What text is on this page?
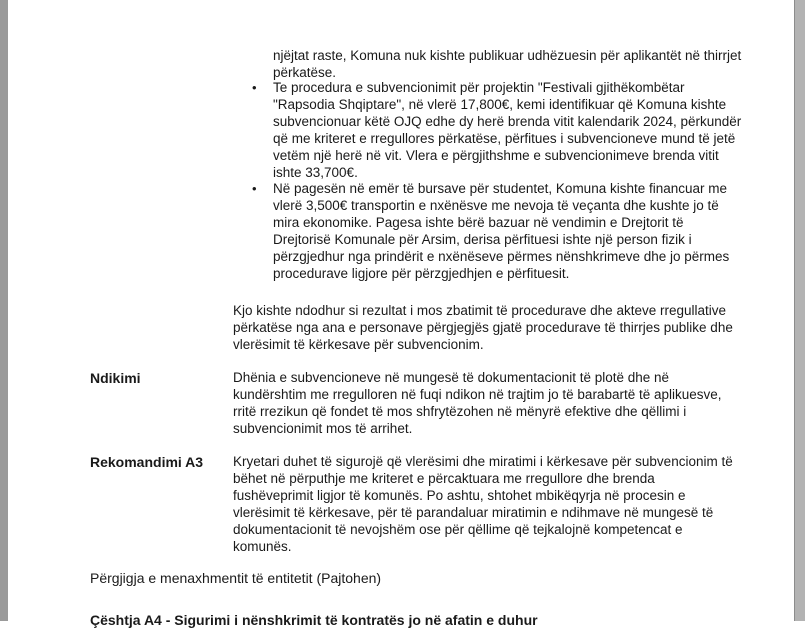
njëjtat raste, Komuna nuk kishte publikuar udhëzuesin për aplikantët në thirrjet përkatëse.
• Te procedura e subvencionimit për projektin "Festivali gjithëkombëtar "Rapsodia Shqiptare", në vlerë 17,800€, kemi identifikuar që Komuna kishte subvencionuar këtë OJQ edhe dy herë brenda vitit kalendarik 2024, përkundër që me kriteret e rregullores përkatëse, përfitues i subvencioneve mund të jetë vetëm një herë në vit. Vlera e përgjithshme e subvencionimeve brenda vitit ishte 33,700€.
• Në pagesën në emër të bursave për studentet, Komuna kishte financuar me vlerë 3,500€ transportin e nxënësve me nevoja të veçanta dhe kushte jo të mira ekonomike. Pagesa ishte bërë bazuar në vendimin e Drejtorit të Drejtorisë Komunale për Arsim, derisa përfituesi ishte një person fizik i përzgjedhur nga prindërit e nxënëseve përmes nënshkrimeve dhe jo përmes procedurave ligjore për përzgjedhjen e përfituesit.
Kjo kishte ndodhur si rezultat i mos zbatimit të procedurave dhe akteve rregullative përkatëse nga ana e personave përgjegjës gjatë procedurave të thirrjes publike dhe vlerësimit të kërkesave për subvencionim.
Ndikimi	Dhënia e subvencioneve në mungesë të dokumentacionit të plotë dhe në kundërshtim me rregulloren në fuqi ndikon në trajtim jo të barabartë të aplikuesve, rritë rrezikun që fondet të mos shfrytëzohen në mënyrë efektive dhe qëllimi i subvencionimit mos të arrihet.
Rekomandimi A3 Kryetari duhet të sigurojë që vlerësimi dhe miratimi i kërkesave për subvencionim të bëhet në përputhje me kriteret e përcaktuara me rregullore dhe brenda fushëveprimit ligjor të komunës. Po ashtu, shtohet mbikëqyrja në procesin e vlerësimit të kërkesave, për të parandaluar miratimin e ndihmave në mungesë të dokumentacionit të nevojshëm ose për qëllime që tejkalojnë kompetencat e komunës.
Përgjigja e menaxhmentit të entitetit (Pajtohen)
Çështja A4 - Sigurimi i nënshkrimit të kontratës jo në afatin e duhur
